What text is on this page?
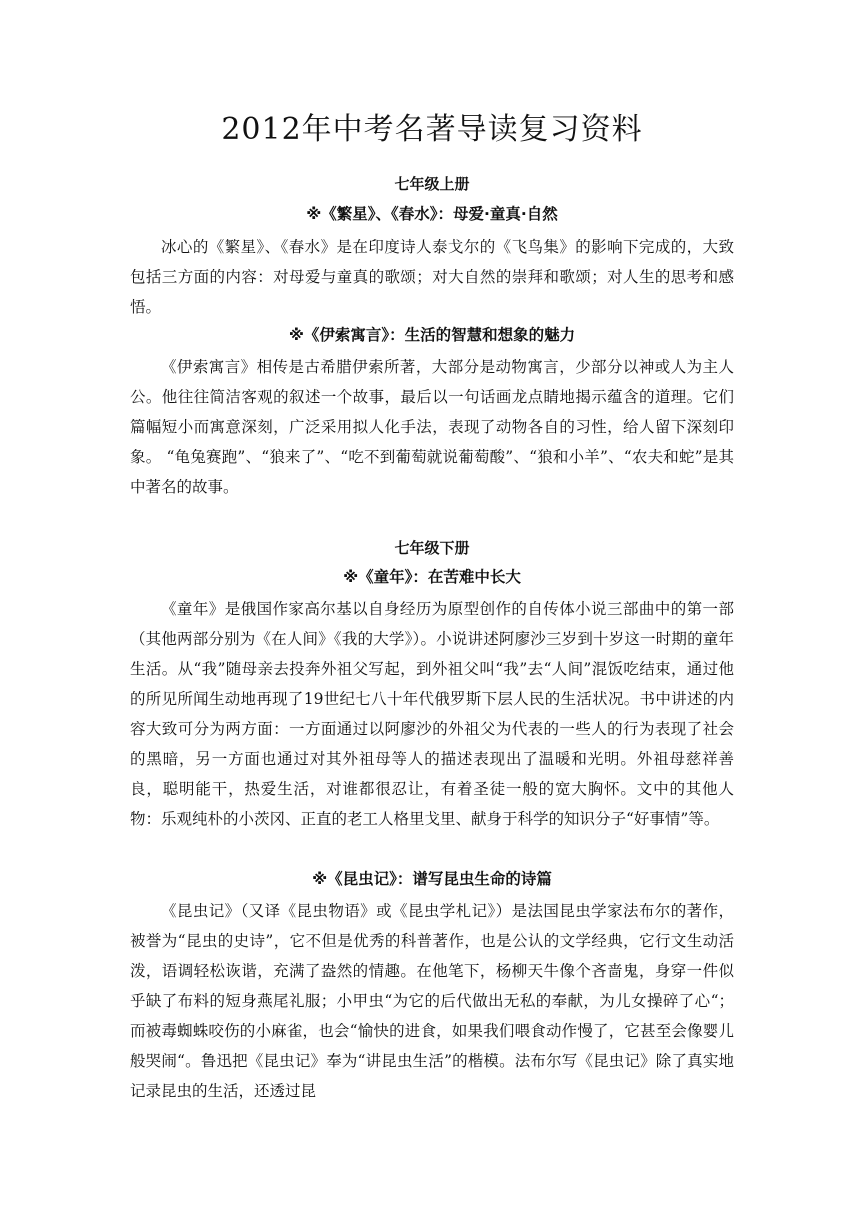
2012年中考名著导读复习资料
七年级上册
※《繁星》、《春水》：母爱·童真·自然

冰心的《繁星》、《春水》是在印度诗人泰戈尔的《飞鸟集》的影响下完成的，大致包括三方面的内容：对母爱与童真的歌颂；对大自然的崇拜和歌颂；对人生的思考和感悟。

※《伊索寓言》：生活的智慧和想象的魅力

《伊索寓言》相传是古希腊伊索所著，大部分是动物寓言，少部分以神或人为主人公。他往往简洁客观的叙述一个故事，最后以一句话画龙点睛地揭示蕴含的道理。它们篇幅短小而寓意深刻，广泛采用拟人化手法，表现了动物各自的习性，给人留下深刻印象。 “龟兔赛跑”、“狼来了”、“吃不到葡萄就说葡萄酸”、“狼和小羊”、“农夫和蛇”是其中著名的故事。

七年级下册
※《童年》：在苦难中长大

《童年》是俄国作家高尔基以自身经历为原型创作的自传体小说三部曲中的第一部（其他两部分别为《在人间》《我的大学》）。小说讲述阿廖沙三岁到十岁这一时期的童年生活。从“我”随母亲去投奔外祖父写起，到外祖父叫“我”去“人间”混饭吃结束，通过他的所见所闻生动地再现了19世纪七八十年代俄罗斯下层人民的生活状况。书中讲述的内容大致可分为两方面：一方面通过以阿廖沙的外祖父为代表的一些人的行为表现了社会的黑暗，另一方面也通过对其外祖母等人的描述表现出了温暖和光明。外祖母慈祥善良，聪明能干，热爱生活，对谁都很忍让，有着圣徒一般的宽大胸怀。文中的其他人物：乐观纯朴的小茨冈、正直的老工人格里戈里、献身于科学的知识分子“好事情”等。

※《昆虫记》：谱写昆虫生命的诗篇

《昆虫记》（又译《昆虫物语》或《昆虫学札记》）是法国昆虫学家法布尔的著作，被誉为“昆虫的史诗”，它不但是优秀的科普著作，也是公认的文学经典，它行文生动活泼，语调轻松诙谐，充满了盎然的情趣。在他笔下，杨柳天牛像个吝啬鬼，身穿一件似乎缺了布料的短身燕尾礼服；小甲虫“为它的后代做出无私的奉献，为儿女操碎了心“；而被毒蜘蛛咬伤的小麻雀，也会“愉快的进食，如果我们喂食动作慢了，它甚至会像婴儿般哭闹“。鲁迅把《昆虫记》奉为“讲昆虫生活”的楷模。法布尔写《昆虫记》除了真实地记录昆虫的生活，还透过昆
